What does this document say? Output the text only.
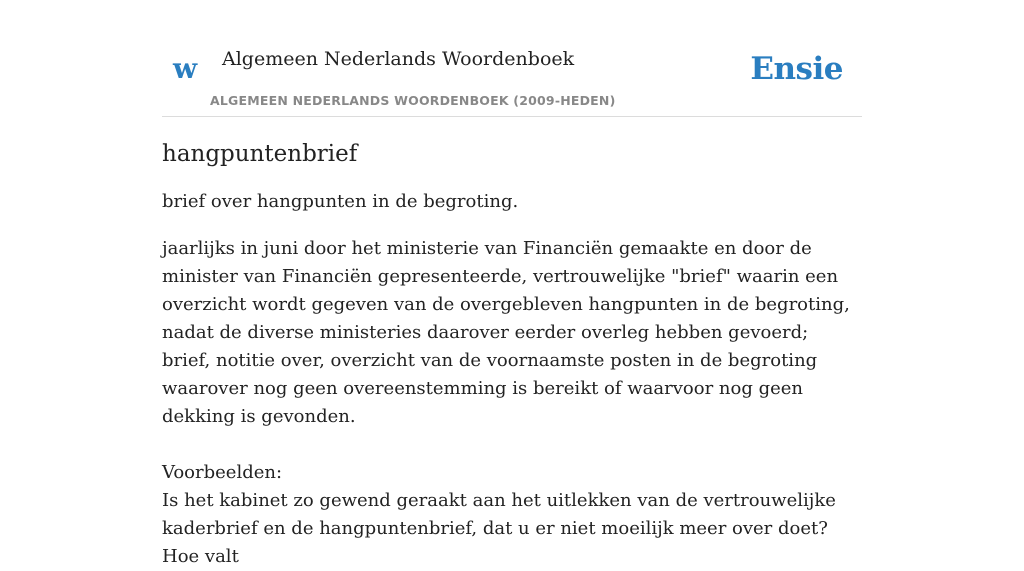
w Algemeen Nederlands Woordenboek	Ensie
ALGEMEEN NEDERLANDS WOORDENBOEK (2009-HEDEN)
hangpuntenbrief

brief over hangpunten in de begroting.

jaarlijks in juni door het ministerie van Financiën gemaakte en door de minister van Financiën gepresenteerde, vertrouwelijke "brief" waarin een overzicht wordt gegeven van de overgebleven hangpunten in de begroting, nadat de diverse ministeries daarover eerder overleg hebben gevoerd; brief, notitie over, overzicht van de voornaamste posten in de begroting waarover nog geen overeenstemming is bereikt of waarvoor nog geen dekking is gevonden.

Voorbeelden:

Is het kabinet zo gewend geraakt aan het uitlekken van de vertrouwelijke kaderbrief en de hangpuntenbrief, dat u er niet moeilijk meer over doet? Hoe valt
